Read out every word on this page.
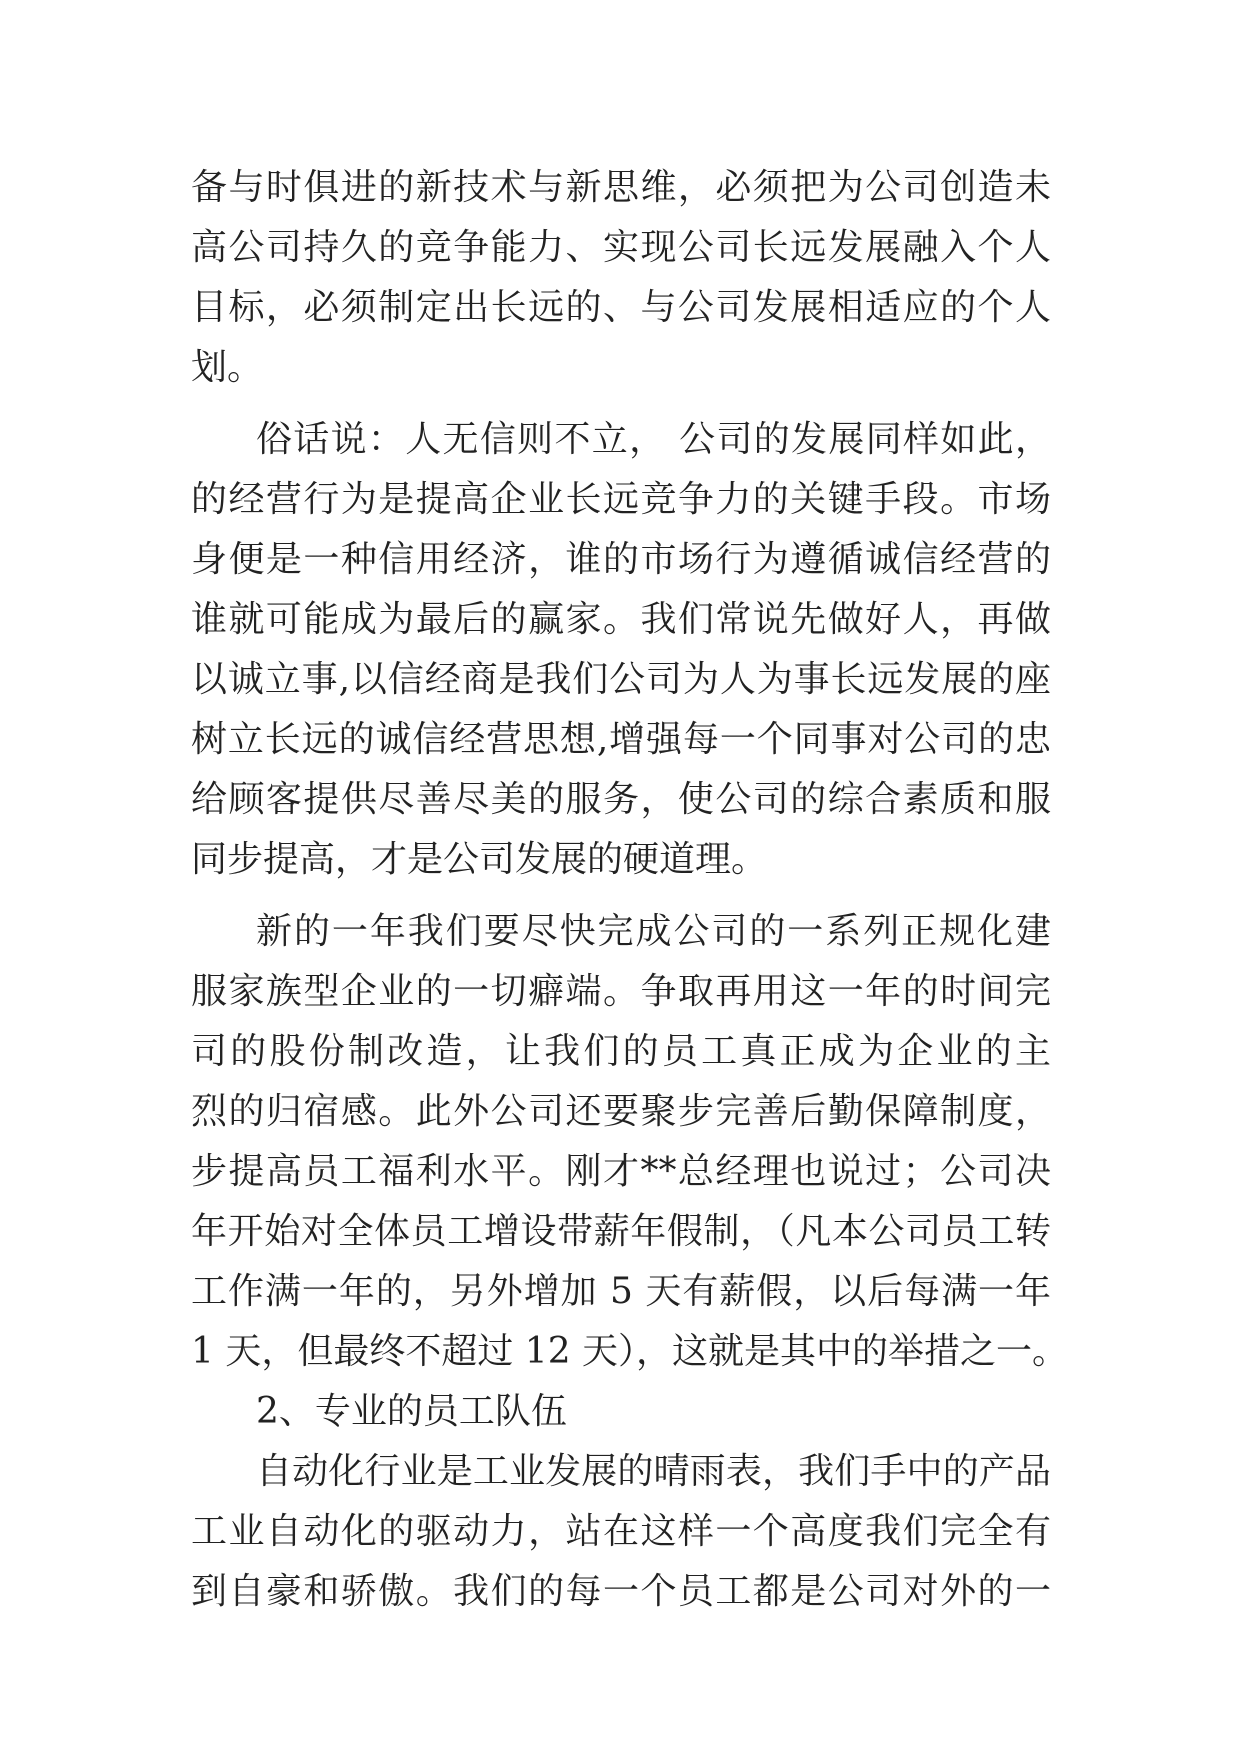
备与时俱进的新技术与新思维，必须把为公司创造未
高公司持久的竞争能力、实现公司长远发展融入个人
目标，必须制定出长远的、与公司发展相适应的个人
划。
俗话说：人无信则不立， 公司的发展同样如此，
的经营行为是提高企业长远竞争力的关键手段。市场
身便是一种信用经济，谁的市场行为遵循诚信经营的
谁就可能成为最后的赢家。我们常说先做好人，再做
以诚立事,以信经商是我们公司为人为事长远发展的座
树立长远的诚信经营思想,增强每一个同事对公司的忠
给顾客提供尽善尽美的服务，使公司的综合素质和服
同步提高，才是公司发展的硬道理。
新的一年我们要尽快完成公司的一系列正规化建
服家族型企业的一切癖端。争取再用这一年的时间完
司的股份制改造，让我们的员工真正成为企业的主
烈的归宿感。此外公司还要聚步完善后勤保障制度，
步提高员工福利水平。刚才**总经理也说过；公司决
年开始对全体员工增设带薪年假制，（凡本公司员工转
工作满一年的，另外增加 5 天有薪假，以后每满一年
1 天，但最终不超过 12 天），这就是其中的举措之一。
2、专业的员工队伍
自动化行业是工业发展的晴雨表，我们手中的产品
工业自动化的驱动力，站在这样一个高度我们完全有
到自豪和骄傲。我们的每一个员工都是公司对外的一
